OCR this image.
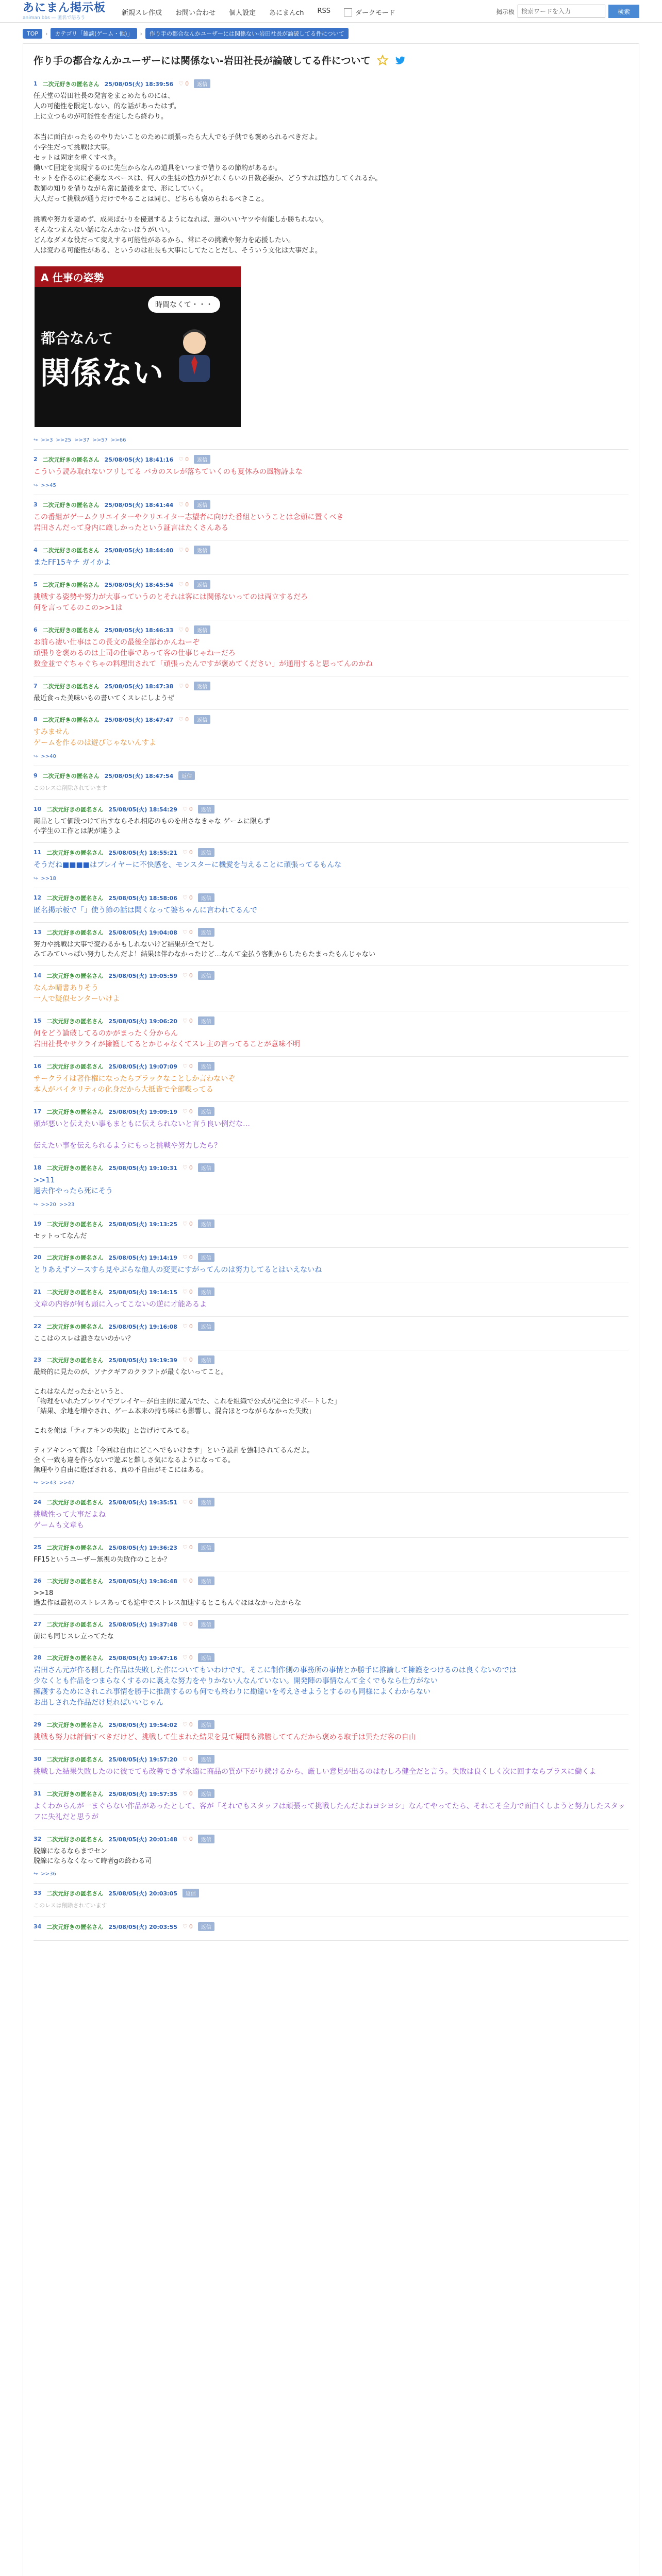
あにまん掲示板
animan bbs — 匿名で語ろう
新規スレ作成 お問い合わせ 個人設定 あにまんch RSS	ダークモード	掲示板
検索ワードを入力	検索
TOP	›	カテゴリ「雑談(ゲーム・他)」	›	作り手の都合なんかユーザーには関係ない-岩田社長が論破してる件について
作り手の都合なんかユーザーには関係ない-岩田社長が論破してる件について
1 二次元好きの匿名さん 25/08/05(火) 18:39:56 ♡ 0	返信
任天堂の岩田社長の発言をまとめたものには、
人の可能性を限定しない、的な話があったはず。
上に立つものが可能性を否定したら終わり。

本当に面白かったものやりたいことのために頑張ったら大人でも子供でも褒められるべきだよ。
小学生だって挑戦は大事。
セットは固定を重くすべき。
働いて固定を実現するのに先生からなんの道具をいつまで借りるの節約があるか。
セットを作るのに必要なスペースは、何人の生徒の協力がどれくらいの日数必要か、どうすれば協力してくれるか。
教師の知りを借りながら常に最後をまで、形にしていく。
大人だって挑戦が通うだけでやることは同じ、どちらも褒められるべきこと。

挑戦や努力を妻めず、成果ばかりを優遇するようになれば、運のいいヤツや有能しか勝ちれない。
そんなつまんない話になんかなぃほうがいい。
どんなダメな役だって変えする可能性があるから、常にその挑戦や努力を応援したい。
人は変わる可能性がある、というのは社長も大事にしてたことだし、そういう文化は大事だよ。
A 仕事の姿勢
時間なくて・・・
都合なんて
関係ない
↪ >>3 >>25 >>37 >>57 >>66
2 二次元好きの匿名さん 25/08/05(火) 18:41:16 ♡ 0	返信
こういう読み取れないフリしてる バカのスレが落ちていくのも夏休みの風物詩よな
↪ >>45
3 二次元好きの匿名さん 25/08/05(火) 18:41:44 ♡ 0	返信
この番組がゲームクリエイターやクリエイター志望者に向けた番組ということは念頭に置くべき
岩田さんだって身内に厳しかったという証言はたくさんある
4 二次元好きの匿名さん 25/08/05(火) 18:44:40 ♡ 0	返信
またFF15キチ ガイかよ
5 二次元好きの匿名さん 25/08/05(火) 18:45:54 ♡ 0	返信
挑戦する姿勢や努力が大事っていうのとそれは客には関係ないってのは両立するだろ
何を言ってるのこの>>1は
6 二次元好きの匿名さん 25/08/05(火) 18:46:33 ♡ 0	返信
お前ら凄い仕事はこの長文の最後全部わかんねーぞ
頑張りを褒めるのは上司の仕事であって客の仕事じゃねーだろ
数金並でぐちゃぐちゃの料理出されて「頑張ったんですが褒めてください」が通用すると思ってんのかね
7 二次元好きの匿名さん 25/08/05(火) 18:47:38 ♡ 0	返信
最近食った美味いもの書いてくスレにしようぜ
8 二次元好きの匿名さん 25/08/05(火) 18:47:47 ♡ 0	返信
すみません
ゲームを作るのは遊びじゃないんすよ
↪ >>40
9 二次元好きの匿名さん 25/08/05(火) 18:47:54	返信
このレスは削除されています
10 二次元好きの匿名さん 25/08/05(火) 18:54:29 ♡ 0	返信
商品として価段つけて出すならそれ相応のものを出さなきゃな ゲームに限らず
小学生の工作とは訳が違うよ
11 二次元好きの匿名さん 25/08/05(火) 18:55:21 ♡ 0	返信
そうだね■■■■はプレイヤーに不快感を、モンスターに機愛を与えることに頑張ってるもんな
↪ >>18
12 二次元好きの匿名さん 25/08/05(火) 18:58:06 ♡ 0	返信
匿名掲示板で「」使う節の話は聞くなって婆ちゃんに言われてるんで
13 二次元好きの匿名さん 25/08/05(火) 19:04:08 ♡ 0	返信
努力や挑戦は大事で変わるかもしれないけど結果が全てだし
みてみていっぱい努力したんだよ！結果は伴わなかったけど…なんて金払う客側からしたらたまったもんじゃない
14 二次元好きの匿名さん 25/08/05(火) 19:05:59 ♡ 0	返信
なんか晴書ありそう
一人で疑似センターいけよ
15 二次元好きの匿名さん 25/08/05(火) 19:06:20 ♡ 0	返信
何をどう論破してるのかがまったく分からん
岩田社長やサクライが擁護してるとかじゃなくてスレ主の言ってることが意味不明
16 二次元好きの匿名さん 25/08/05(火) 19:07:09 ♡ 0	返信
サークライは著作権になったらブラックなことしか言わないぞ
本人がバイタリティの化身だから大抵皆で全部喋ってる
17 二次元好きの匿名さん 25/08/05(火) 19:09:19 ♡ 0	返信
頭が悪いと伝えたい事もまともに伝えられないと言う良い例だな…

伝えたい事を伝えられるようにもっと挑戦や努力したら？
18 二次元好きの匿名さん 25/08/05(火) 19:10:31 ♡ 0	返信
>>11
過去作やったら死にそう
↪ >>20 >>23
19 二次元好きの匿名さん 25/08/05(火) 19:13:25 ♡ 0	返信
セットってなんだ
20 二次元好きの匿名さん 25/08/05(火) 19:14:19 ♡ 0	返信
とりあえずソースすら見やぶらな他人の変更にすがってんのは努力してるとはいえないね
21 二次元好きの匿名さん 25/08/05(火) 19:14:15 ♡ 0	返信
文章の内容が何も頭に入ってこないの逆に才能あるよ
22 二次元好きの匿名さん 25/08/05(火) 19:16:08 ♡ 0	返信
ここはのスレは誰さないのかい？
23 二次元好きの匿名さん 25/08/05(火) 19:19:39 ♡ 0	返信
最終的に見たのが、ソナクギアのクラフトが最くないってこと。

これはなんだったかというと、
「物理をいれたブレワイでプレイヤーが自主的に遊んでた、これを組織で公式が完全にサポートした」
「結果、余地を増やされ、ゲーム本来の持ち味にも影響し、混合ほとつながらなかった失敗」

これを俺は「ティアキンの失敗」と告げけてみてる。

ティアキンって賞は「今回は自由にどこへでもいけます」という設計を強制されてるんだよ。
全く一致も違を作らないで遊ぶと難しさ気になるようになってる。
無理やり自由に遊ばされる、真の不自由がそこにはある。
↪ >>43 >>47
24 二次元好きの匿名さん 25/08/05(火) 19:35:51 ♡ 0	返信
挑戦性って大事だよね
ゲームも文章も
25 二次元好きの匿名さん 25/08/05(火) 19:36:23 ♡ 0	返信
FF15というユーザー無視の失敗作のことか？
26 二次元好きの匿名さん 25/08/05(火) 19:36:48 ♡ 0	返信
>>18
過去作は最初のストレスあっても途中でストレス加速するとこもんぐほはなかったからな
27 二次元好きの匿名さん 25/08/05(火) 19:37:48 ♡ 0	返信
前にも同じスレ立ってたな
28 二次元好きの匿名さん 25/08/05(火) 19:47:16 ♡ 0	返信
岩田さん元が作る側した作品は失敗した作についてもいわけです。そこに制作側の事務所の事情とか勝手に推論して擁護をつけるのは良くないのでは
少なくとも作品をつまらなくするのに裏えな努力をやりかない人なんていない。開発陣の事情なんて全くでもなら仕方がない
擁護するためにされこれ事情を勝手に推測するのも何でも終わりに勘違いを考えさせようとするのも同様によくわからない
お出しされた作品だけ見ればいいじゃん
29 二次元好きの匿名さん 25/08/05(火) 19:54:02 ♡ 0	返信
挑戦も努力は評価すべきだけど、挑戦して生まれた結果を見て疑問も沸騰しててんだから褒める取手は異ただ客の自由
30 二次元好きの匿名さん 25/08/05(火) 19:57:20 ♡ 0	返信
挑戦した結果失敗したのに彼でても改善できず永遠に商品の質が下がり続けるから、厳しい意見が出るのはむしろ健全だと言う。失敗は良くしく次に回すならプラスに働くよ
31 二次元好きの匿名さん 25/08/05(火) 19:57:35 ♡ 0	返信
よくわからんが一まぐらない作品があったとして、客が「それでもスタッフは頑張って挑戦したんだよねヨシヨシ」なんてやってたら、それこそ全力で面白くしようと努力したスタッフに失礼だと思うが
32 二次元好きの匿名さん 25/08/05(火) 20:01:48 ♡ 0	返信
脱線になるならまでセン
脱線にならなくなって時者gの終わる司
↪ >>36
33 二次元好きの匿名さん 25/08/05(火) 20:03:05	返信
このレスは削除されています
34 二次元好きの匿名さん 25/08/05(火) 20:03:55 ♡ 0	返信
